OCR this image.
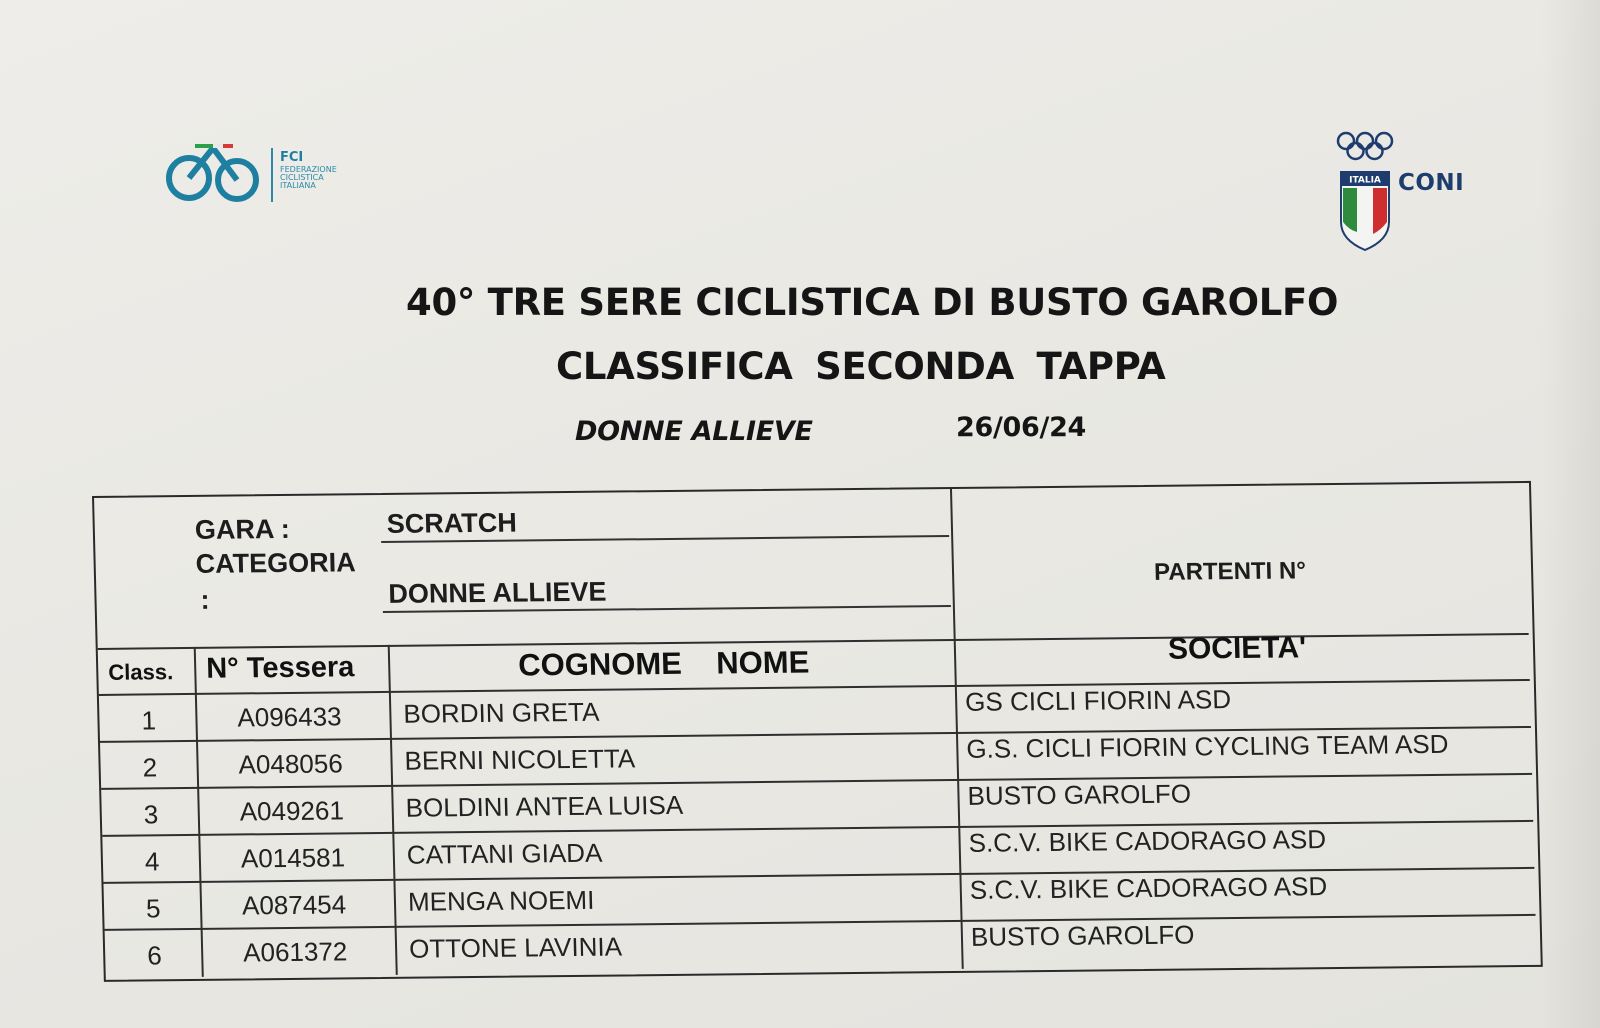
FCI
FEDERAZIONE
CICLISTICA
ITALIANA	ITALIA CONI
40° TRE SERE CICLISTICA DI BUSTO GAROLFO
CLASSIFICA SECONDA TAPPA
DONNE ALLIEVE	26/06/24
GARA :	SCRATCH
CATEGORIA
:	DONNE ALLIEVE
PARTENTI N°
Class. N° Tessera	COGNOME    NOME	SOCIETA'
1	A096433 BORDIN GRETA	GS CICLI FIORIN ASD
2	A048056 BERNI NICOLETTA	G.S. CICLI FIORIN CYCLING TEAM ASD
3	A049261 BOLDINI ANTEA LUISA	BUSTO GAROLFO
4	A014581 CATTANI GIADA	S.C.V. BIKE CADORAGO ASD
5	A087454 MENGA NOEMI	S.C.V. BIKE CADORAGO ASD
6	A061372 OTTONE LAVINIA	BUSTO GAROLFO
